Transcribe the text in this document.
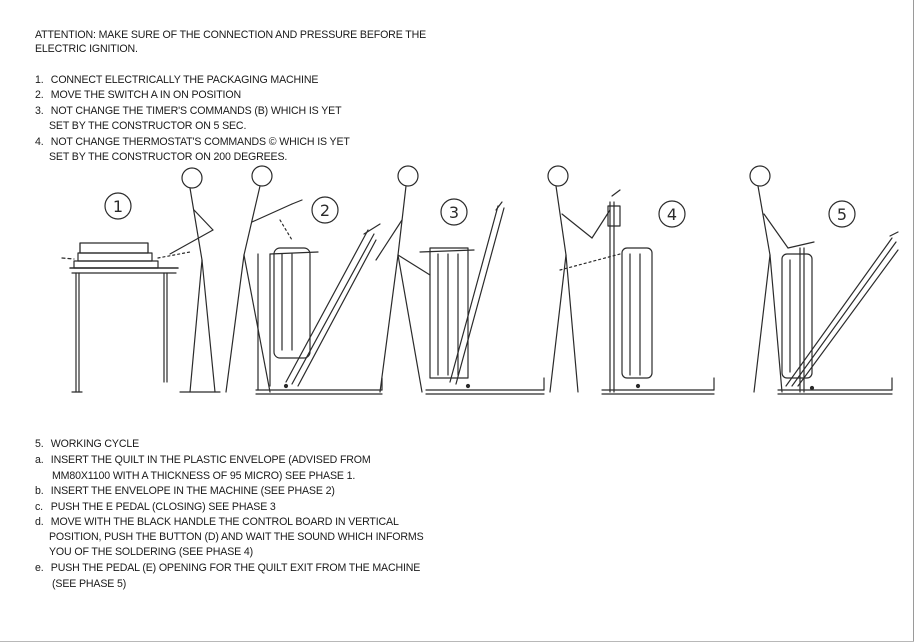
ATTENTION: MAKE SURE OF THE CONNECTION AND PRESSURE BEFORE THE
ELECTRIC IGNITION.
1. CONNECT ELECTRICALLY THE PACKAGING MACHINE
2. MOVE THE SWITCH A IN ON POSITION
3. NOT CHANGE THE TIMER'S COMMANDS (B) WHICH IS YET
SET BY THE CONSTRUCTOR ON 5 SEC.
4. NOT CHANGE THERMOSTAT'S COMMANDS © WHICH IS YET
SET BY THE CONSTRUCTOR ON 200 DEGREES.
1	2	3	4	5
5. WORKING CYCLE
a. INSERT THE QUILT IN THE PLASTIC ENVELOPE (ADVISED FROM
MM80X1100 WITH A THICKNESS OF 95 MICRO) SEE PHASE 1.
b. INSERT THE ENVELOPE IN THE MACHINE (SEE PHASE 2)
c. PUSH THE E PEDAL (CLOSING) SEE PHASE 3
d. MOVE WITH THE BLACK HANDLE THE CONTROL BOARD IN VERTICAL
POSITION, PUSH THE BUTTON (D) AND WAIT THE SOUND WHICH INFORMS
YOU OF THE SOLDERING (SEE PHASE 4)
e. PUSH THE PEDAL (E) OPENING FOR THE QUILT EXIT FROM THE MACHINE
(SEE PHASE 5)
